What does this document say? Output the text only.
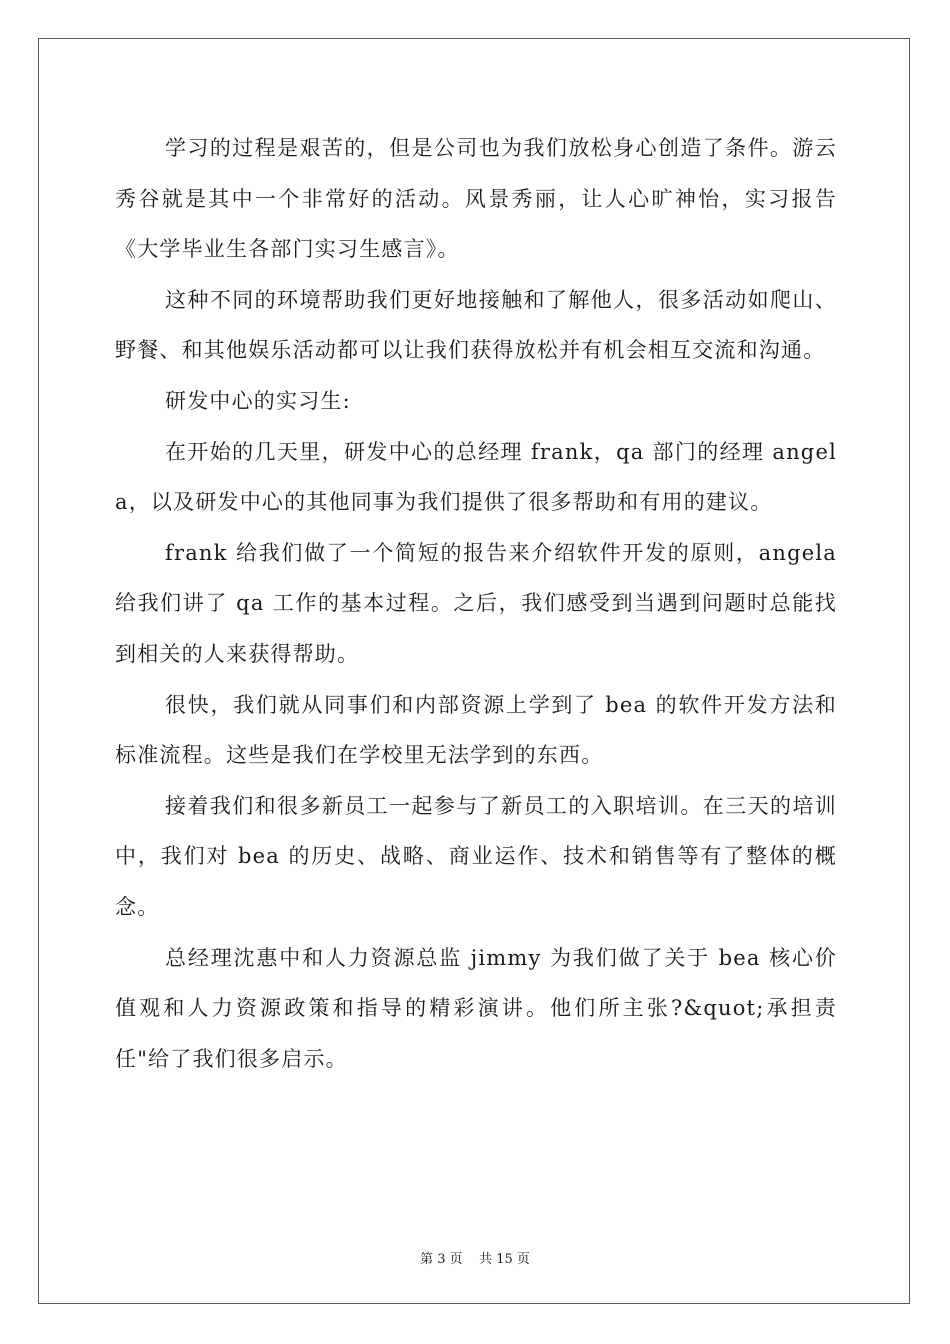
学习的过程是艰苦的，但是公司也为我们放松身心创造了条件。游云秀谷就是其中一个非常好的活动。风景秀丽，让人心旷神怡，实习报告《大学毕业生各部门实习生感言》。

这种不同的环境帮助我们更好地接触和了解他人，很多活动如爬山、野餐、和其他娱乐活动都可以让我们获得放松并有机会相互交流和沟通。

研发中心的实习生:

在开始的几天里，研发中心的总经理 frank，qa 部门的经理 angela，以及研发中心的其他同事为我们提供了很多帮助和有用的建议。

frank 给我们做了一个简短的报告来介绍软件开发的原则，angela 给我们讲了 qa 工作的基本过程。之后，我们感受到当遇到问题时总能找到相关的人来获得帮助。

很快，我们就从同事们和内部资源上学到了 bea 的软件开发方法和标准流程。这些是我们在学校里无法学到的东西。

接着我们和很多新员工一起参与了新员工的入职培训。在三天的培训中，我们对 bea 的历史、战略、商业运作、技术和销售等有了整体的概念。

总经理沈惠中和人力资源总监 jimmy 为我们做了关于 bea 核心价值观和人力资源政策和指导的精彩演讲。他们所主张?&quot;承担责任"给了我们很多启示。

第 3 页    共 15 页
